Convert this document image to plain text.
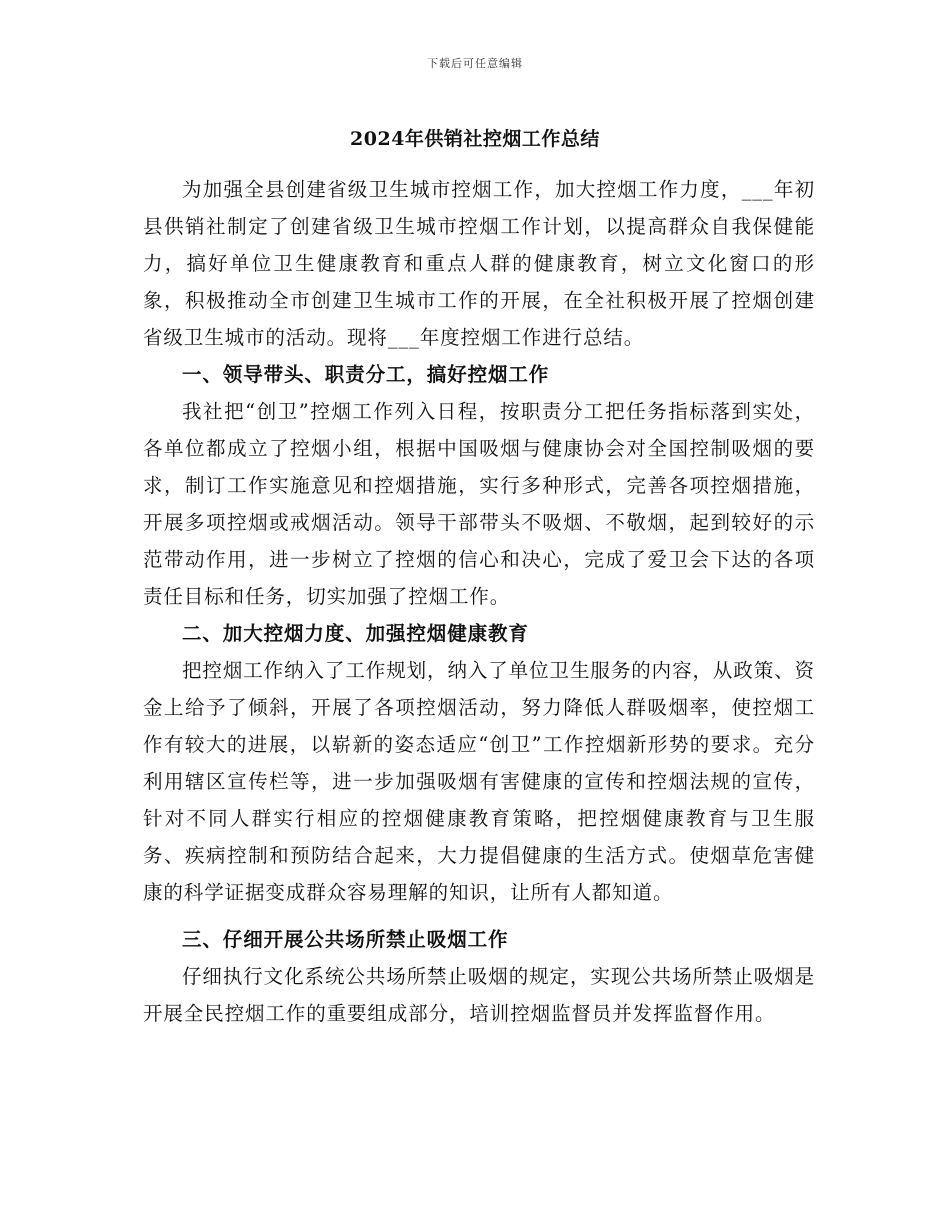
下载后可任意编辑
2024年供销社控烟工作总结

为加强全县创建省级卫生城市控烟工作，加大控烟工作力度，___年初县供销社制定了创建省级卫生城市控烟工作计划，以提高群众自我保健能力，搞好单位卫生健康教育和重点人群的健康教育，树立文化窗口的形象，积极推动全市创建卫生城市工作的开展，在全社积极开展了控烟创建省级卫生城市的活动。现将___年度控烟工作进行总结。

一、领导带头、职责分工，搞好控烟工作

我社把“创卫”控烟工作列入日程，按职责分工把任务指标落到实处，各单位都成立了控烟小组，根据中国吸烟与健康协会对全国控制吸烟的要求，制订工作实施意见和控烟措施，实行多种形式，完善各项控烟措施，开展多项控烟或戒烟活动。领导干部带头不吸烟、不敬烟，起到较好的示范带动作用，进一步树立了控烟的信心和决心，完成了爱卫会下达的各项责任目标和任务，切实加强了控烟工作。

二、加大控烟力度、加强控烟健康教育

把控烟工作纳入了工作规划，纳入了单位卫生服务的内容，从政策、资金上给予了倾斜，开展了各项控烟活动，努力降低人群吸烟率，使控烟工作有较大的进展，以崭新的姿态适应“创卫”工作控烟新形势的要求。充分利用辖区宣传栏等，进一步加强吸烟有害健康的宣传和控烟法规的宣传，针对不同人群实行相应的控烟健康教育策略，把控烟健康教育与卫生服务、疾病控制和预防结合起来，大力提倡健康的生活方式。使烟草危害健康的科学证据变成群众容易理解的知识，让所有人都知道。

三、仔细开展公共场所禁止吸烟工作

仔细执行文化系统公共场所禁止吸烟的规定，实现公共场所禁止吸烟是开展全民控烟工作的重要组成部分，培训控烟监督员并发挥监督作用。
